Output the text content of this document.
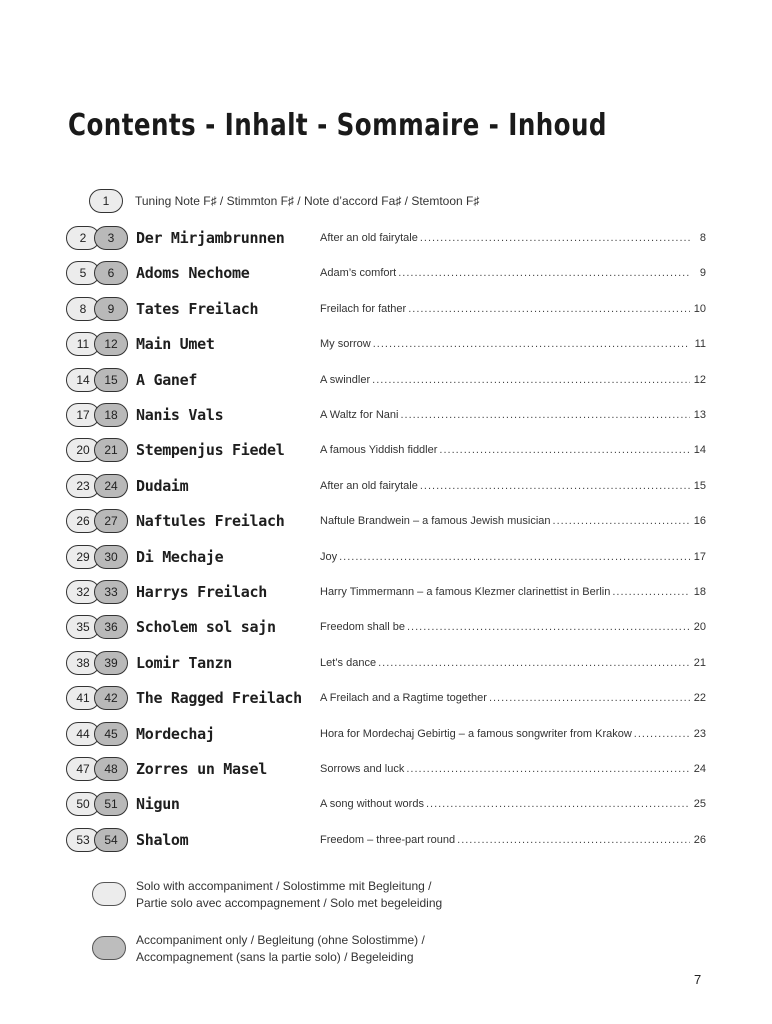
Contents - Inhalt - Sommaire - Inhoud
1	Tuning Note F♯ / Stimmton F♯ / Note d’accord Fa♯ / Stemtoon F♯
2	3	Der Mirjambrunnen	After an old fairytale .....	8
5	6	Adoms Nechome	Adam’s comfort .....	9
8	9	Tates Freilach	Freilach for father .....	10
11	12	Main Umet	My sorrow .....	11
14	15	A Ganef	A swindler .....	12
17	18	Nanis Vals	A Waltz for Nani .....	13
20	21	Stempenjus Fiedel	A famous Yiddish fiddler .....	14
23	24	Dudaim	After an old fairytale .....	15
26	27	Naftules Freilach	Naftule Brandwein – a famous Jewish musician .....	16
29	30	Di Mechaje	Joy .....	17
32	33	Harrys Freilach	Harry Timmermann – a famous Klezmer clarinettist in Berlin .....	18
35	36	Scholem sol sajn	Freedom shall be .....	20
38	39	Lomir Tanzn	Let’s dance .....	21
41	42	The Ragged Freilach	A Freilach and a Ragtime together .....	22
44	45	Mordechaj	Hora for Mordechaj Gebirtig – a famous songwriter from Krakow .....	23
47	48	Zorres un Masel	Sorrows and luck .....	24
50	51	Nigun	A song without words .....	25
53	54	Shalom	Freedom – three-part round .....	26
Solo with accompaniment / Solostimme mit Begleitung /
Partie solo avec accompagnement / Solo met begeleiding
Accompaniment only / Begleitung (ohne Solostimme) /
Accompagnement (sans la partie solo) / Begeleiding
7
